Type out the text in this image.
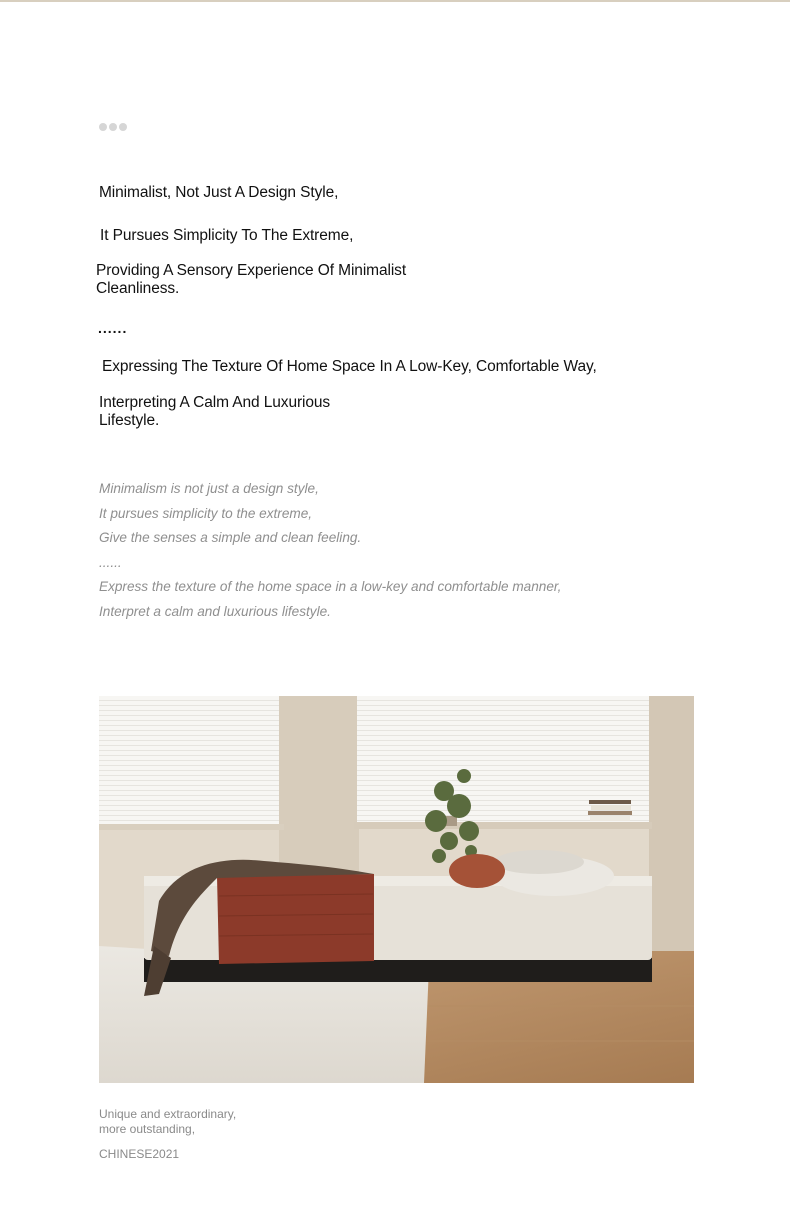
Minimalist, Not Just A Design Style,
It Pursues Simplicity To The Extreme,
Providing A Sensory Experience Of Minimalist
Cleanliness.
......
Expressing The Texture Of Home Space In A Low-Key, Comfortable Way,
Interpreting A Calm And Luxurious
Lifestyle.
Minimalism is not just a design style,
It pursues simplicity to the extreme,
Give the senses a simple and clean feeling.
......
Express the texture of the home space in a low-key and comfortable manner,
Interpret a calm and luxurious lifestyle.
Unique and extraordinary,
more outstanding,
CHINESE2021
